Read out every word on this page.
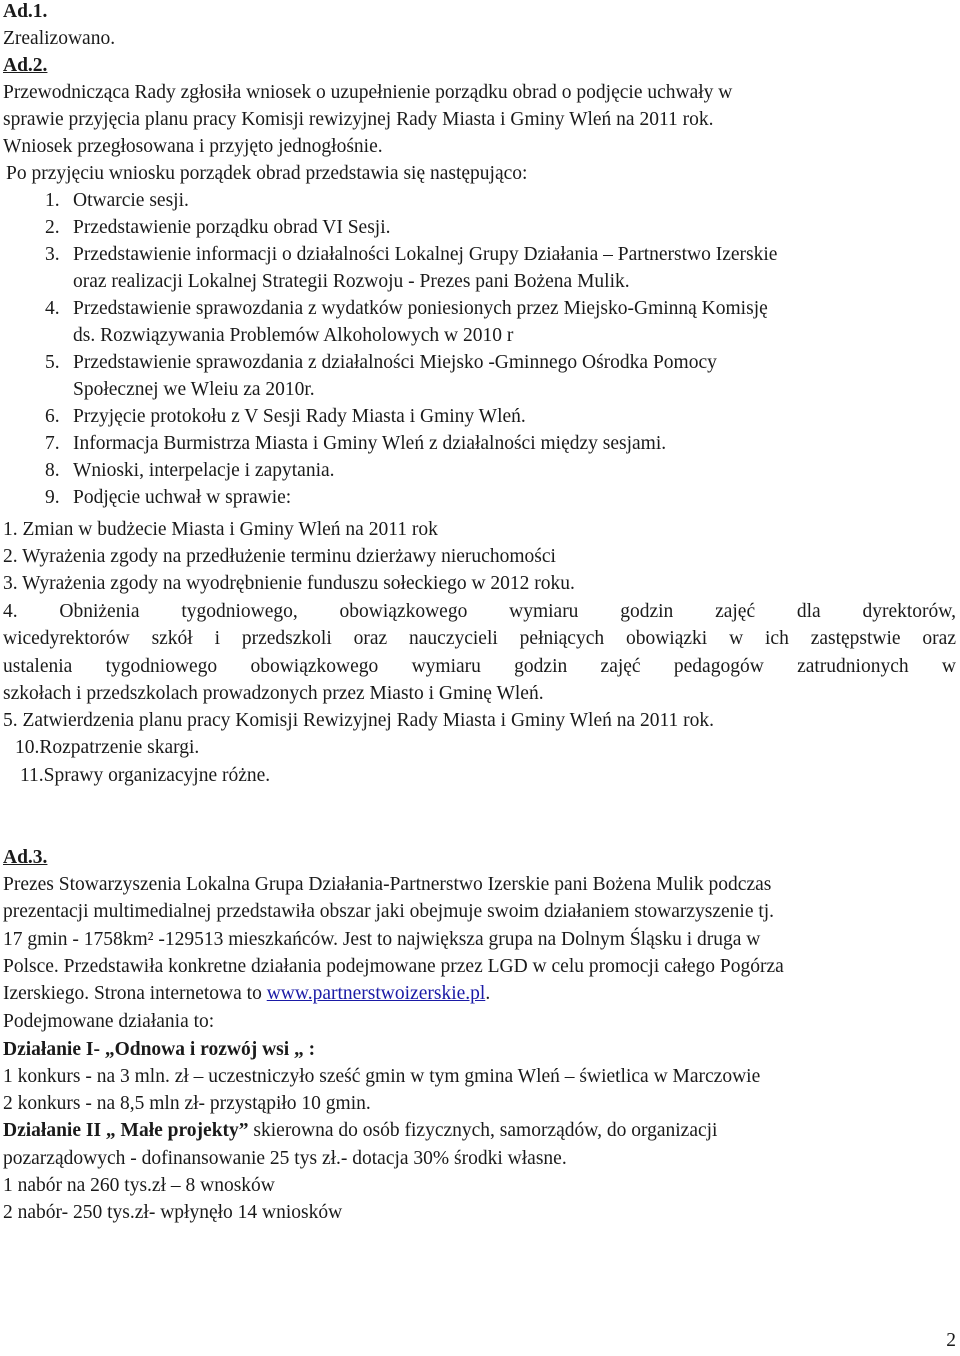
Ad.1.
Zrealizowano.
Ad.2.
Przewodnicząca Rady zgłosiła wniosek o uzupełnienie porządku obrad o podjęcie uchwały w
sprawie przyjęcia planu pracy Komisji rewizyjnej Rady Miasta i Gminy Wleń na 2011 rok.
Wniosek przegłosowana i przyjęto jednogłośnie.
Po przyjęciu wniosku porządek obrad przedstawia się następująco:
1. Otwarcie sesji.
2. Przedstawienie porządku obrad VI Sesji.
3. Przedstawienie informacji o działalności Lokalnej Grupy Działania – Partnerstwo Izerskie
oraz realizacji Lokalnej Strategii Rozwoju - Prezes pani Bożena Mulik.
4. Przedstawienie sprawozdania z wydatków poniesionych przez Miejsko-Gminną Komisję
ds. Rozwiązywania Problemów Alkoholowych w 2010 r
5. Przedstawienie sprawozdania z działalności Miejsko -Gminnego Ośrodka Pomocy
Społecznej we Wleiu za 2010r.
6. Przyjęcie protokołu z V Sesji Rady Miasta i Gminy Wleń.
7. Informacja Burmistrza Miasta i Gminy Wleń z działalności między sesjami.
8. Wnioski, interpelacje i zapytania.
9. Podjęcie uchwał w sprawie:
1. Zmian w budżecie Miasta i Gminy Wleń na 2011 rok
2. Wyrażenia zgody na przedłużenie terminu dzierżawy nieruchomości
3. Wyrażenia zgody na wyodrębnienie funduszu sołeckiego w 2012 roku.
4. Obniżenia tygodniowego, obowiązkowego wymiaru godzin zajęć dla dyrektorów,
wicedyrektorów szkół i przedszkoli oraz nauczycieli pełniących obowiązki w ich zastępstwie oraz
ustalenia tygodniowego obowiązkowego wymiaru godzin zajęć pedagogów zatrudnionych w
szkołach i przedszkolach prowadzonych przez Miasto i Gminę Wleń.
5. Zatwierdzenia planu pracy Komisji Rewizyjnej Rady Miasta i Gminy Wleń na 2011 rok.
10.Rozpatrzenie skargi.
11.Sprawy organizacyjne różne.
Ad.3.
Prezes Stowarzyszenia Lokalna Grupa Działania-Partnerstwo Izerskie pani Bożena Mulik podczas
prezentacji multimedialnej przedstawiła obszar jaki obejmuje swoim działaniem stowarzyszenie tj.
17 gmin - 1758km² -129513 mieszkańców. Jest to największa grupa na Dolnym Śląsku i druga w
Polsce. Przedstawiła konkretne działania podejmowane przez LGD w celu promocji całego Pogórza
Izerskiego. Strona internetowa to www.partnerstwoizerskie.pl.
Podejmowane działania to:
Działanie I- „Odnowa i rozwój wsi „ :
1 konkurs - na 3 mln. zł – uczestniczyło sześć gmin w tym gmina Wleń – świetlica w Marczowie
2 konkurs - na 8,5 mln zł- przystąpiło 10 gmin.
Działanie II „ Małe projekty” skierowna do osób fizycznych, samorządów, do organizacji
pozarządowych - dofinansowanie 25 tys zł.- dotacja 30% środki własne.
1 nabór na 260 tys.zł – 8 wnosków
2 nabór- 250 tys.zł- wpłynęło 14 wniosków
2
